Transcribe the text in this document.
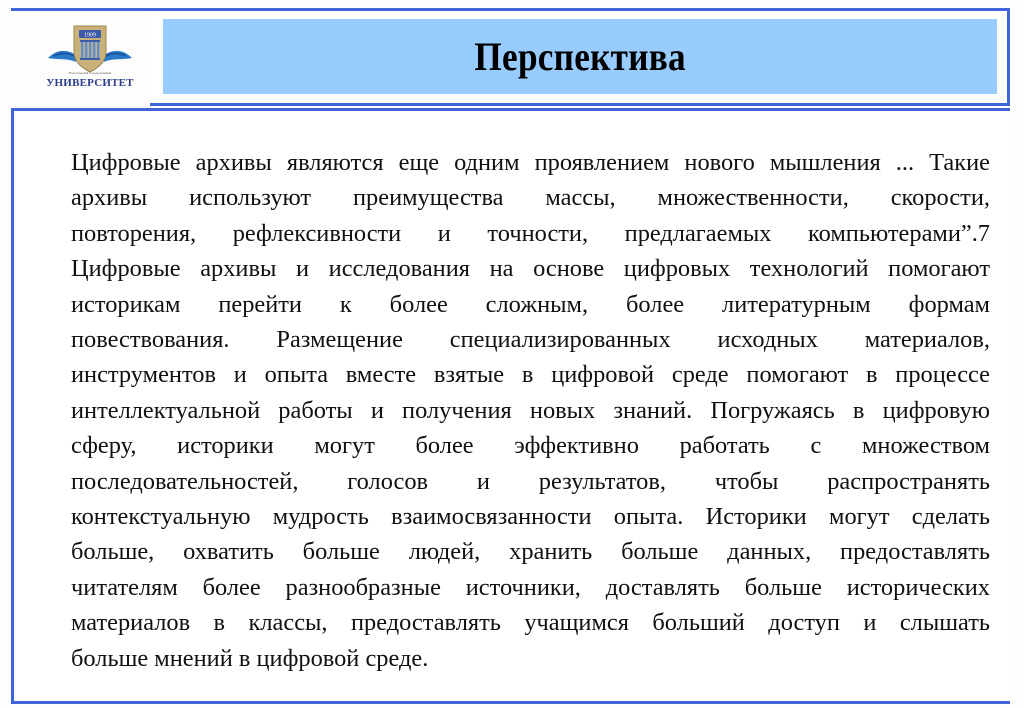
1909
Волгоградский государственный
УНИВЕРСИТЕТ
Перспектива
Цифровые архивы являются еще одним проявлением нового мышления ... Такие
архивы используют преимущества массы, множественности, скорости,
повторения, рефлексивности и точности, предлагаемых компьютерами”.7
Цифровые архивы и исследования на основе цифровых технологий помогают
историкам перейти к более сложным, более литературным формам
повествования. Размещение специализированных исходных материалов,
инструментов и опыта вместе взятые в цифровой среде помогают в процессе
интеллектуальной работы и получения новых знаний. Погружаясь в цифровую
сферу, историки могут более эффективно работать с множеством
последовательностей, голосов и результатов, чтобы распространять
контекстуальную мудрость взаимосвязанности опыта. Историки могут сделать
больше, охватить больше людей, хранить больше данных, предоставлять
читателям более разнообразные источники, доставлять больше исторических
материалов в классы, предоставлять учащимся больший доступ и слышать
больше мнений в цифровой среде.
